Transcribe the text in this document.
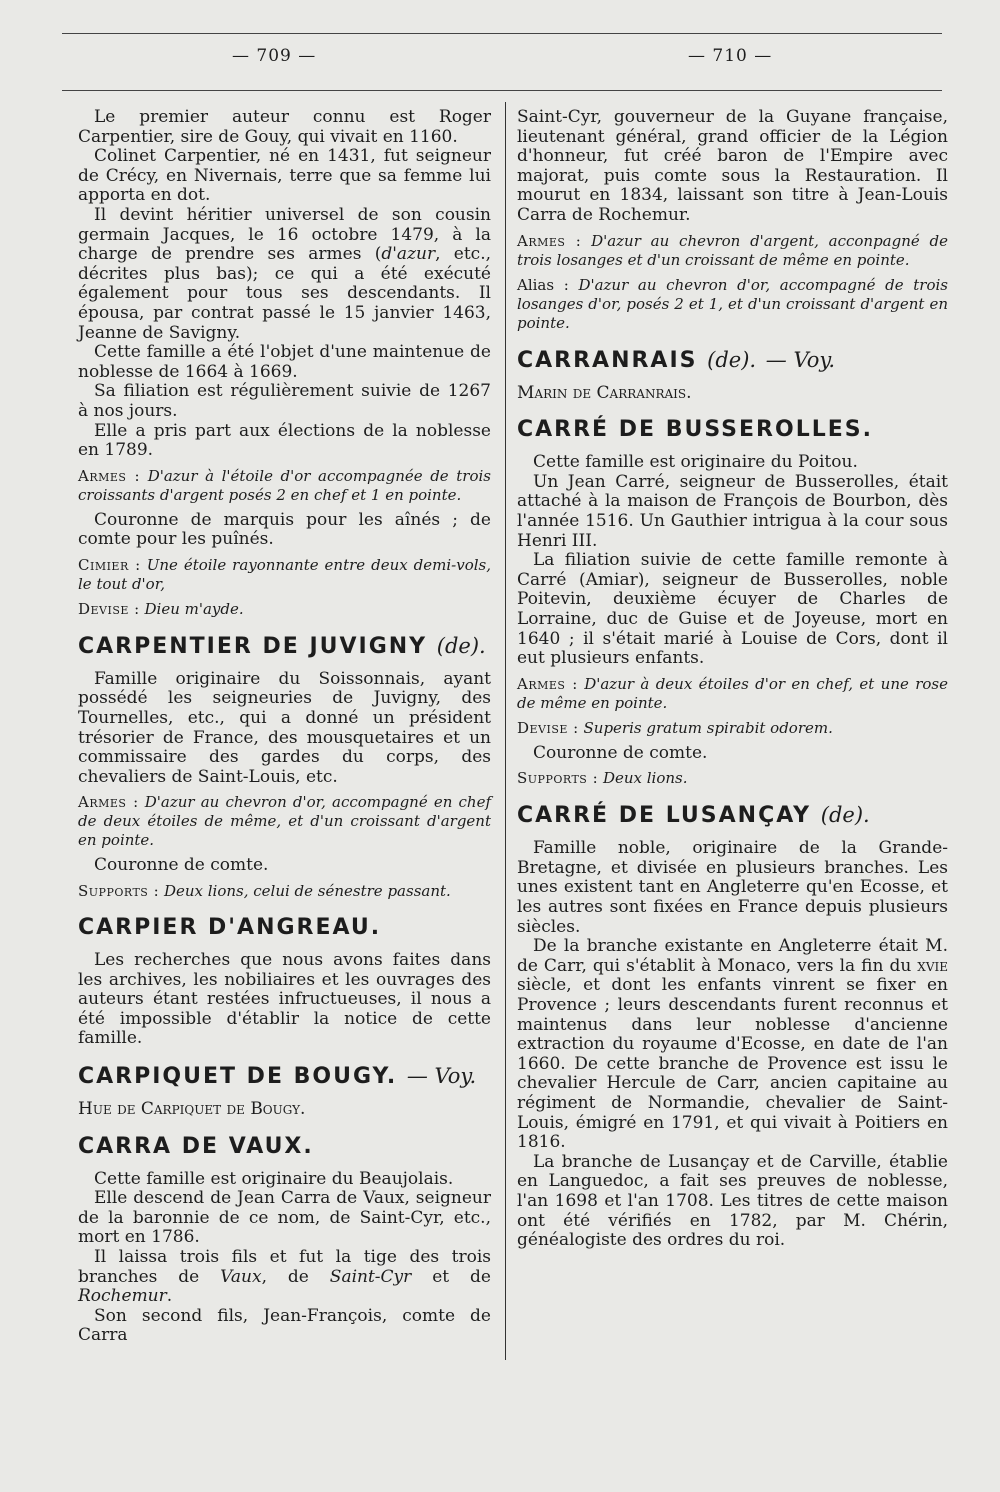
— 709 —	— 710 —

Le premier auteur connu est Roger Carpentier, sire de Gouy, qui vivait en 1160.

Colinet Carpentier, né en 1431, fut seigneur de Crécy, en Nivernais, terre que sa femme lui apporta en dot.

Il devint héritier universel de son cousin germain Jacques, le 16 octobre 1479, à la charge de prendre ses armes (d'azur, etc., décrites plus bas); ce qui a été exécuté également pour tous ses descendants. Il épousa, par contrat passé le 15 janvier 1463, Jeanne de Savigny.

Cette famille a été l'objet d'une maintenue de noblesse de 1664 à 1669.

Sa filiation est régulièrement suivie de 1267 à nos jours.

Elle a pris part aux élections de la noblesse en 1789.

Armes : D'azur à l'étoile d'or accompagnée de trois croissants d'argent posés 2 en chef et 1 en pointe.

Couronne de marquis pour les aînés ; de comte pour les puînés.

Cimier : Une étoile rayonnante entre deux demi-vols, le tout d'or,

Devise : Dieu m'ayde.

CARPENTIER DE JUVIGNY (de).

Famille originaire du Soissonnais, ayant possédé les seigneuries de Juvigny, des Tournelles, etc., qui a donné un président trésorier de France, des mousquetaires et un commissaire des gardes du corps, des chevaliers de Saint-Louis, etc.

Armes : D'azur au chevron d'or, accompagné en chef de deux étoiles de même, et d'un croissant d'argent en pointe.

Couronne de comte.

Supports : Deux lions, celui de sénestre passant.

CARPIER D'ANGREAU.

Les recherches que nous avons faites dans les archives, les nobiliaires et les ouvrages des auteurs étant restées infructueuses, il nous a été impossible d'établir la notice de cette famille.

CARPIQUET DE BOUGY. — Voy.

Hue de Carpiquet de Bougy.

CARRA DE VAUX.

Cette famille est originaire du Beaujolais.

Elle descend de Jean Carra de Vaux, seigneur de la baronnie de ce nom, de Saint-Cyr, etc., mort en 1786.

Il laissa trois fils et fut la tige des trois branches de Vaux, de Saint-Cyr et de Rochemur.

Son second fils, Jean-François, comte de Carra

Saint-Cyr, gouverneur de la Guyane française, lieutenant général, grand officier de la Légion d'honneur, fut créé baron de l'Empire avec majorat, puis comte sous la Restauration. Il mourut en 1834, laissant son titre à Jean-Louis Carra de Rochemur.

Armes : D'azur au chevron d'argent, acconpagné de trois losanges et d'un croissant de même en pointe.

Alias : D'azur au chevron d'or, accompagné de trois losanges d'or, posés 2 et 1, et d'un croissant d'argent en pointe.

CARRANRAIS (de). — Voy.

Marin de Carranrais.

CARRÉ DE BUSSEROLLES.

Cette famille est originaire du Poitou.

Un Jean Carré, seigneur de Busserolles, était attaché à la maison de François de Bourbon, dès l'année 1516. Un Gauthier intrigua à la cour sous Henri III.

La filiation suivie de cette famille remonte à Carré (Amiar), seigneur de Busserolles, noble Poitevin, deuxième écuyer de Charles de Lorraine, duc de Guise et de Joyeuse, mort en 1640 ; il s'était marié à Louise de Cors, dont il eut plusieurs enfants.

Armes : D'azur à deux étoiles d'or en chef, et une rose de même en pointe.

Devise : Superis gratum spirabit odorem.

Couronne de comte.

Supports : Deux lions.

CARRÉ DE LUSANÇAY (de).

Famille noble, originaire de la Grande-Bretagne, et divisée en plusieurs branches. Les unes existent tant en Angleterre qu'en Ecosse, et les autres sont fixées en France depuis plusieurs siècles.

De la branche existante en Angleterre était M. de Carr, qui s'établit à Monaco, vers la fin du xvie siècle, et dont les enfants vinrent se fixer en Provence ; leurs descendants furent reconnus et maintenus dans leur noblesse d'ancienne extraction du royaume d'Ecosse, en date de l'an 1660. De cette branche de Provence est issu le chevalier Hercule de Carr, ancien capitaine au régiment de Normandie, chevalier de Saint-Louis, émigré en 1791, et qui vivait à Poitiers en 1816.

La branche de Lusançay et de Carville, établie en Languedoc, a fait ses preuves de noblesse, l'an 1698 et l'an 1708. Les titres de cette maison ont été vérifiés en 1782, par M. Chérin, généalogiste des ordres du roi.
